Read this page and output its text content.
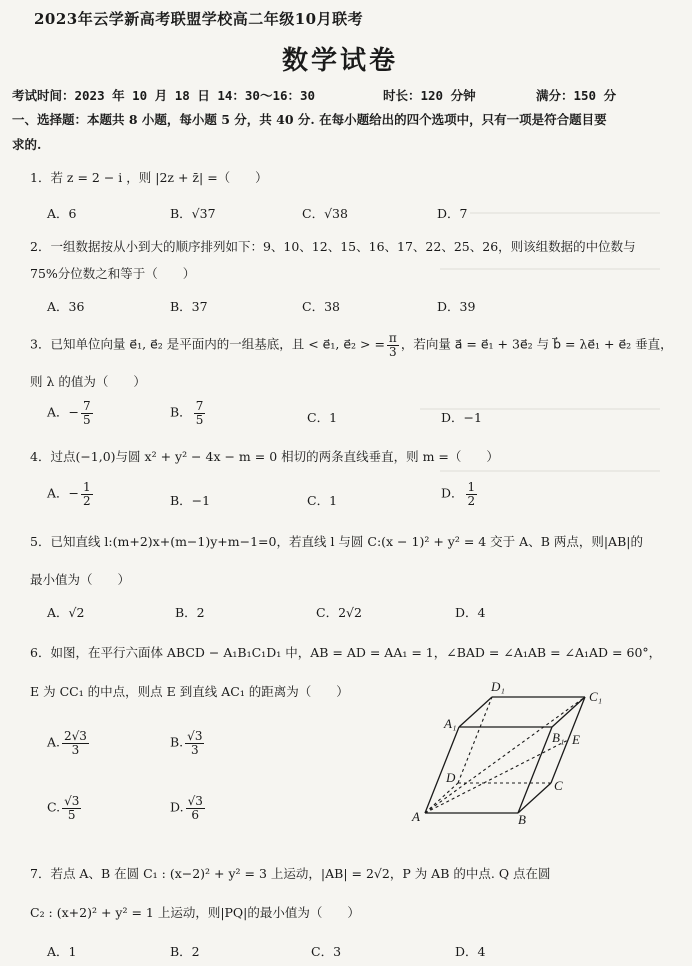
2023年云学新高考联盟学校高二年级10月联考
数学试卷
考试时间：2023 年 10 月 18 日 14：30～16：30	时长：120 分钟	满分：150 分
一、选择题：本题共 8 小题，每小题 5 分，共 40 分. 在每小题给出的四个选项中，只有一项是符合题目要
求的.
1．若 z = 2 − i ，则 |2z + z̄| =（　　）
A．6	B．√37	C．√38	D．7
2．一组数据按从小到大的顺序排列如下：9、10、12、15、16、17、22、25、26，则该组数据的中位数与
75%分位数之和等于（　　）
A．36	B．37	C．38	D．39
3．已知单位向量 e⃗₁, e⃗₂ 是平面内的一组基底，且 < e⃗₁, e⃗₂ > = $\frac{\pi}{3}$ ，若向量 a⃗ = e⃗₁ + 3e⃗₂ 与 b⃗ = λe⃗₁ + e⃗₂ 垂直，
则 λ 的值为（　　）
A．− $\frac{7}{5}$	B． $\frac{7}{5}$	C．1	D．−1
4．过点(−1,0)与圆 x² + y² − 4x − m = 0 相切的两条直线垂直，则 m =（　　）
A．− $\frac{1}{2}$	B．−1	C．1	D． $\frac{1}{2}$
5．已知直线 l:(m+2)x+(m−1)y+m−1=0，若直线 l 与圆 C:(x − 1)² + y² = 4 交于 A、B 两点，则|AB|的
最小值为（　　）
A．√2	B．2	C．2√2	D．4
6．如图，在平行六面体 ABCD − A₁B₁C₁D₁ 中，AB = AD = AA₁ = 1，∠BAD = ∠A₁AB = ∠A₁AD = 60°，
E 为 CC₁ 的中点，则点 E 到直线 AC₁ 的距离为（　　）
A. $\frac{2√3}{3}$	B. $\frac{√3}{3}$
C. $\frac{√3}{5}$	D. $\frac{√3}{6}$
D₁
C₁
A₁
B₁ E
D
C
A	B
7．若点 A、B 在圆 C₁ : (x−2)² + y² = 3 上运动，|AB| = 2√2，P 为 AB 的中点. Q 点在圆
C₂ : (x+2)² + y² = 1 上运动，则|PQ|的最小值为（　　）
A．1	B．2	C．3	D．4
